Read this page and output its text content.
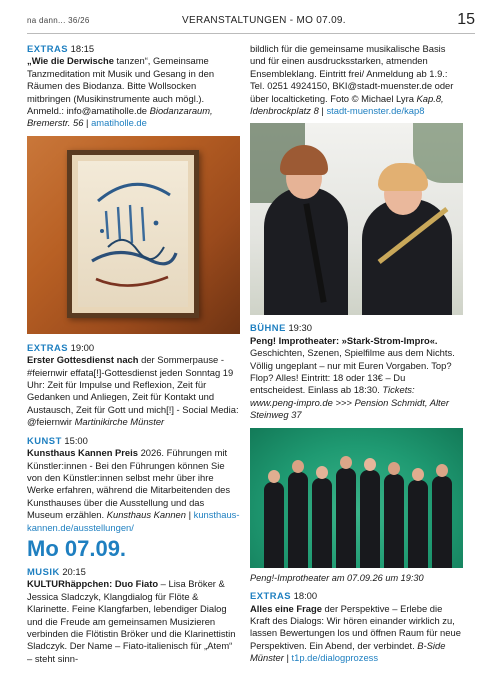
na dann... 36/26	VERANSTALTUNGEN - MO 07.09.	15

EXTRAS 18:15
„Wie die Derwische tanzen“, Gemeinsame Tanzmeditation mit Musik und Gesang in den Räumen des Biodanza. Bitte Wollsocken mitbringen (Musikinstrumente auch mögl.). Anmeld.: info@amatiholle.de Biodanzaraum, Bremerstr. 56 | amatiholle.de

EXTRAS 19:00
Erster Gottesdienst nach der Sommerpause - #feiernwir effata[!]-Gottesdienst jeden Sonntag 19 Uhr: Zeit für Impulse und Reflexion, Zeit für Gedanken und Anliegen, Zeit für Kontakt und Austausch, Zeit für Gott und mich[!] - Social Media: @feiernwir Martinikirche Münster

KUNST 15:00
Kunsthaus Kannen Preis 2026. Führungen mit Künstler:innen - Bei den Führungen können Sie von den Künstler:innen selbst mehr über ihre Werke erfahren, während die Mitarbeitenden des Kunsthauses über die Ausstellung und das Museum erzählen. Kunsthaus Kannen | kunsthaus-kannen.de/ausstellungen/

Mo 07.09.

MUSIK 20:15
KULTURhäppchen: Duo Fiato – Lisa Bröker & Jessica Sladczyk, Klangdialog für Flöte & Klarinette. Feine Klangfarben, lebendiger Dialog und die Freude am gemeinsamen Musizieren verbinden die Flötistin Bröker und die Klarinettistin Sladczyk. Der Name – Fiato-italienisch für „Atem“ – steht sinn-

bildlich für die gemeinsame musikalische Basis und für einen ausdrucksstarken, atmenden Ensembleklang. Eintritt frei/ Anmeldung ab 1.9.: Tel. 0251 4924150, BKI@stadt-muenster.de oder über localticketing. Foto © Michael Lyra Kap.8, Idenbrockplatz 8 | stadt-muenster.de/kap8

BÜHNE 19:30
Peng! Improtheater: »Stark-Strom-Impro«. Geschichten, Szenen, Spielfilme aus dem Nichts. Völlig ungeplant – nur mit Euren Vorgaben. Top? Flop? Alles! Eintritt: 18 oder 13€ – Du entscheidest. Einlass ab 18:30. Tickets: www.peng-impro.de >>> Pension Schmidt, Alter Steinweg 37

Peng!-Improtheater am 07.09.26 um 19:30

EXTRAS 18:00
Alles eine Frage der Perspektive – Erlebe die Kraft des Dialogs: Wir hören einander wirklich zu, lassen Bewertungen los und öffnen Raum für neue Perspektiven. Ein Abend, der verbindet. B-Side Münster | t1p.de/dialogprozess
